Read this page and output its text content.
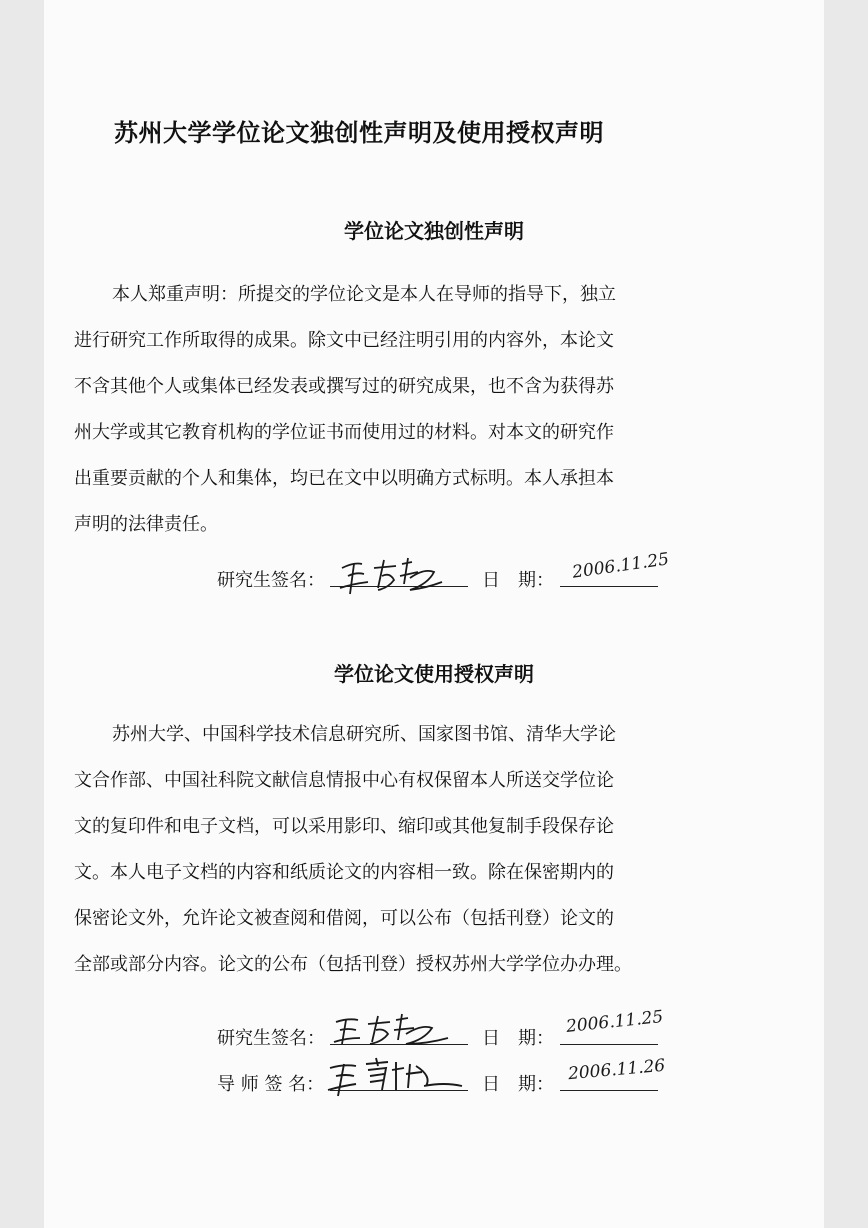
苏州大学学位论文独创性声明及使用授权声明
学位论文独创性声明
本人郑重声明：所提交的学位论文是本人在导师的指导下，独立
进行研究工作所取得的成果。除文中已经注明引用的内容外，本论文
不含其他个人或集体已经发表或撰写过的研究成果，也不含为获得苏
州大学或其它教育机构的学位证书而使用过的材料。对本文的研究作
出重要贡献的个人和集体，均已在文中以明确方式标明。本人承担本
声明的法律责任。
研究生签名：	日　期： 2006.11.25
学位论文使用授权声明
苏州大学、中国科学技术信息研究所、国家图书馆、清华大学论
文合作部、中国社科院文献信息情报中心有权保留本人所送交学位论
文的复印件和电子文档，可以采用影印、缩印或其他复制手段保存论
文。本人电子文档的内容和纸质论文的内容相一致。除在保密期内的
保密论文外，允许论文被查阅和借阅，可以公布（包括刊登）论文的
全部或部分内容。论文的公布（包括刊登）授权苏州大学学位办办理。
研究生签名：	日　期：
2006.11.25
导 师 签 名：	日　期：
2006.11.26
